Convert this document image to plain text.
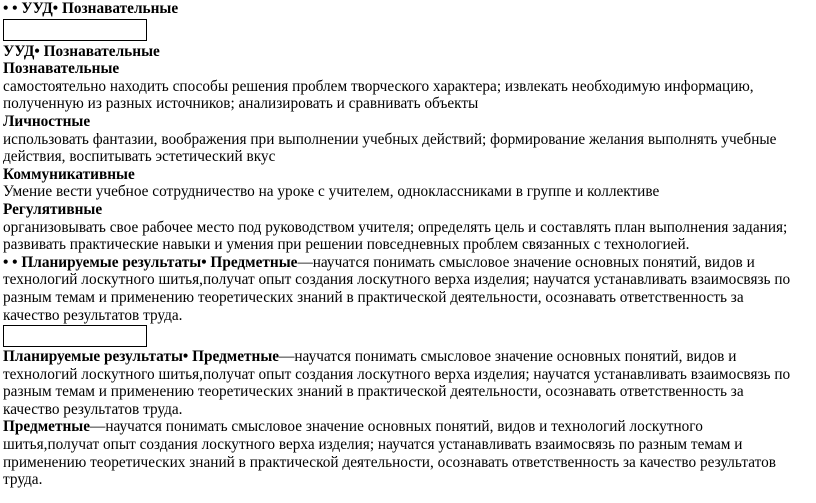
• • УУД• Познавательные
УУД• Познавательные
Познавательные
самостоятельно находить способы решения проблем творческого характера; извлекать необходимую информацию,
полученную из разных источников; анализировать и сравнивать объекты
Личностные
использовать фантазии, воображения при выполнении учебных действий; формирование желания выполнять учебные
действия, воспитывать эстетический вкус
Коммуникативные
Умение вести учебное сотрудничество на уроке с учителем, одноклассниками в группе и коллективе
Регулятивные
организовывать свое рабочее место под руководством учителя; определять цель и составлять план выполнения задания;
развивать практические навыки и умения при решении повседневных проблем связанных с технологией.
• • Планируемые результаты• Предметные—научатся понимать смысловое значение основных понятий, видов и
технологий лоскутного шитья,получат опыт создания лоскутного верха изделия; научатся устанавливать взаимосвязь по
разным темам и применению теоретических знаний в практической деятельности, осознавать ответственность за
качество результатов труда.
Планируемые результаты• Предметные—научатся понимать смысловое значение основных понятий, видов и
технологий лоскутного шитья,получат опыт создания лоскутного верха изделия; научатся устанавливать взаимосвязь по
разным темам и применению теоретических знаний в практической деятельности, осознавать ответственность за
качество результатов труда.
Предметные—научатся понимать смысловое значение основных понятий, видов и технологий лоскутного
шитья,получат опыт создания лоскутного верха изделия; научатся устанавливать взаимосвязь по разным темам и
применению теоретических знаний в практической деятельности, осознавать ответственность за качество результатов
труда.
